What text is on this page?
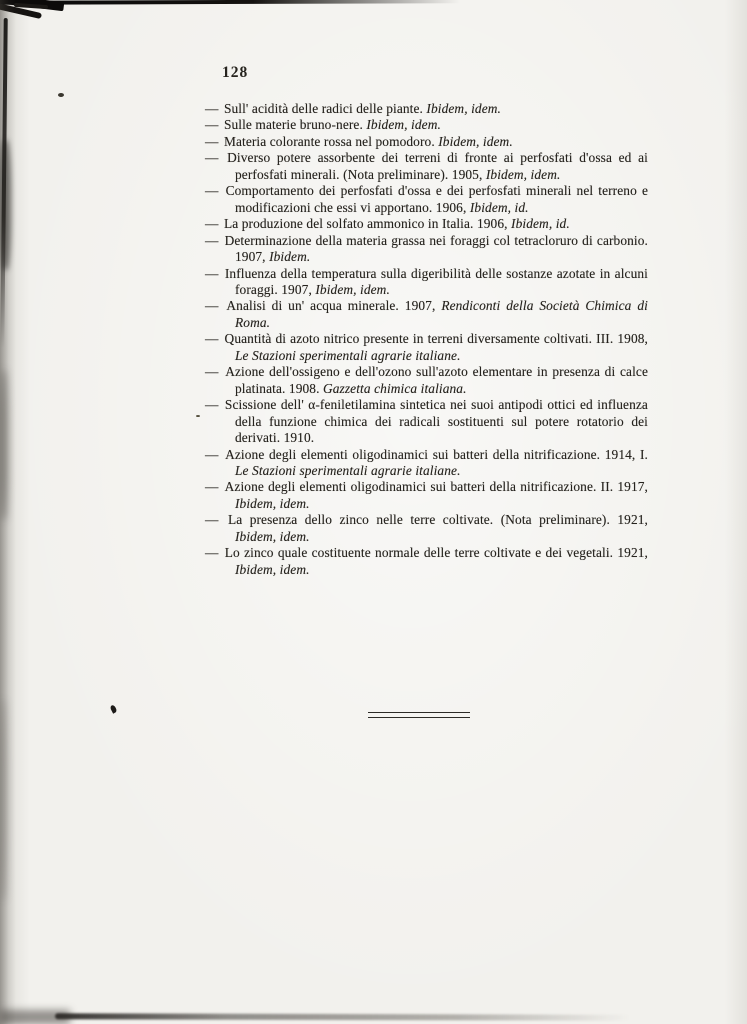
128
— Sull' acidità delle radici delle piante. Ibidem, idem.
— Sulle materie bruno-nere. Ibidem, idem.
— Materia colorante rossa nel pomodoro. Ibidem, idem.
— Diverso potere assorbente dei terreni di fronte ai perfosfati d'ossa ed ai perfosfati minerali. (Nota preliminare). 1905, Ibidem, idem.
— Comportamento dei perfosfati d'ossa e dei perfosfati minerali nel terreno e modificazioni che essi vi apportano. 1906, Ibidem, id.
— La produzione del solfato ammonico in Italia. 1906, Ibidem, id.
— Determinazione della materia grassa nei foraggi col tetracloruro di carbonio. 1907, Ibidem.
— Influenza della temperatura sulla digeribilità delle sostanze azotate in alcuni foraggi. 1907, Ibidem, idem.
— Analisi di un' acqua minerale. 1907, Rendiconti della Società Chimica di Roma.
— Quantità di azoto nitrico presente in terreni diversamente coltivati. III. 1908, Le Stazioni sperimentali agrarie italiane.
— Azione dell'ossigeno e dell'ozono sull'azoto elementare in presenza di calce platinata. 1908. Gazzetta chimica italiana.
— Scissione dell' α-feniletilamina sintetica nei suoi antipodi ottici ed influenza della funzione chimica dei radicali sostituenti sul potere rotatorio dei derivati. 1910.
— Azione degli elementi oligodinamici sui batteri della nitrificazione. 1914, I. Le Stazioni sperimentali agrarie italiane.
— Azione degli elementi oligodinamici sui batteri della nitrificazione. II. 1917, Ibidem, idem.
— La presenza dello zinco nelle terre coltivate. (Nota preliminare). 1921, Ibidem, idem.
— Lo zinco quale costituente normale delle terre coltivate e dei vegetali. 1921, Ibidem, idem.
